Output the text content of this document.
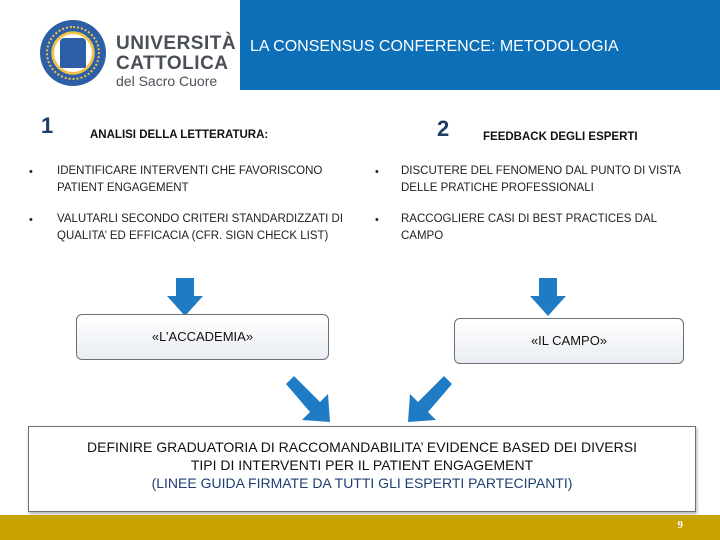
UNIVERSITÀ
CATTOLICA
del Sacro Cuore
LA CONSENSUS CONFERENCE: METODOLOGIA
1	ANALISI DELLA LETTERATURA:
• IDENTIFICARE INTERVENTI CHE FAVORISCONO PATIENT ENGAGEMENT
• VALUTARLI SECONDO CRITERI STANDARDIZZATI DI QUALITA’ ED EFFICACIA (CFR. SIGN CHECK LIST)
2	FEEDBACK DEGLI ESPERTI
• DISCUTERE DEL FENOMENO DAL PUNTO DI VISTA DELLE PRATICHE PROFESSIONALI
• RACCOGLIERE CASI DI BEST PRACTICES DAL CAMPO
«L’ACCADEMIA»	«IL CAMPO»
DEFINIRE GRADUATORIA DI RACCOMANDABILITA’ EVIDENCE BASED DEI DIVERSI
TIPI DI INTERVENTI PER IL PATIENT ENGAGEMENT
(LINEE GUIDA FIRMATE DA TUTTI GLI ESPERTI PARTECIPANTI)
9
